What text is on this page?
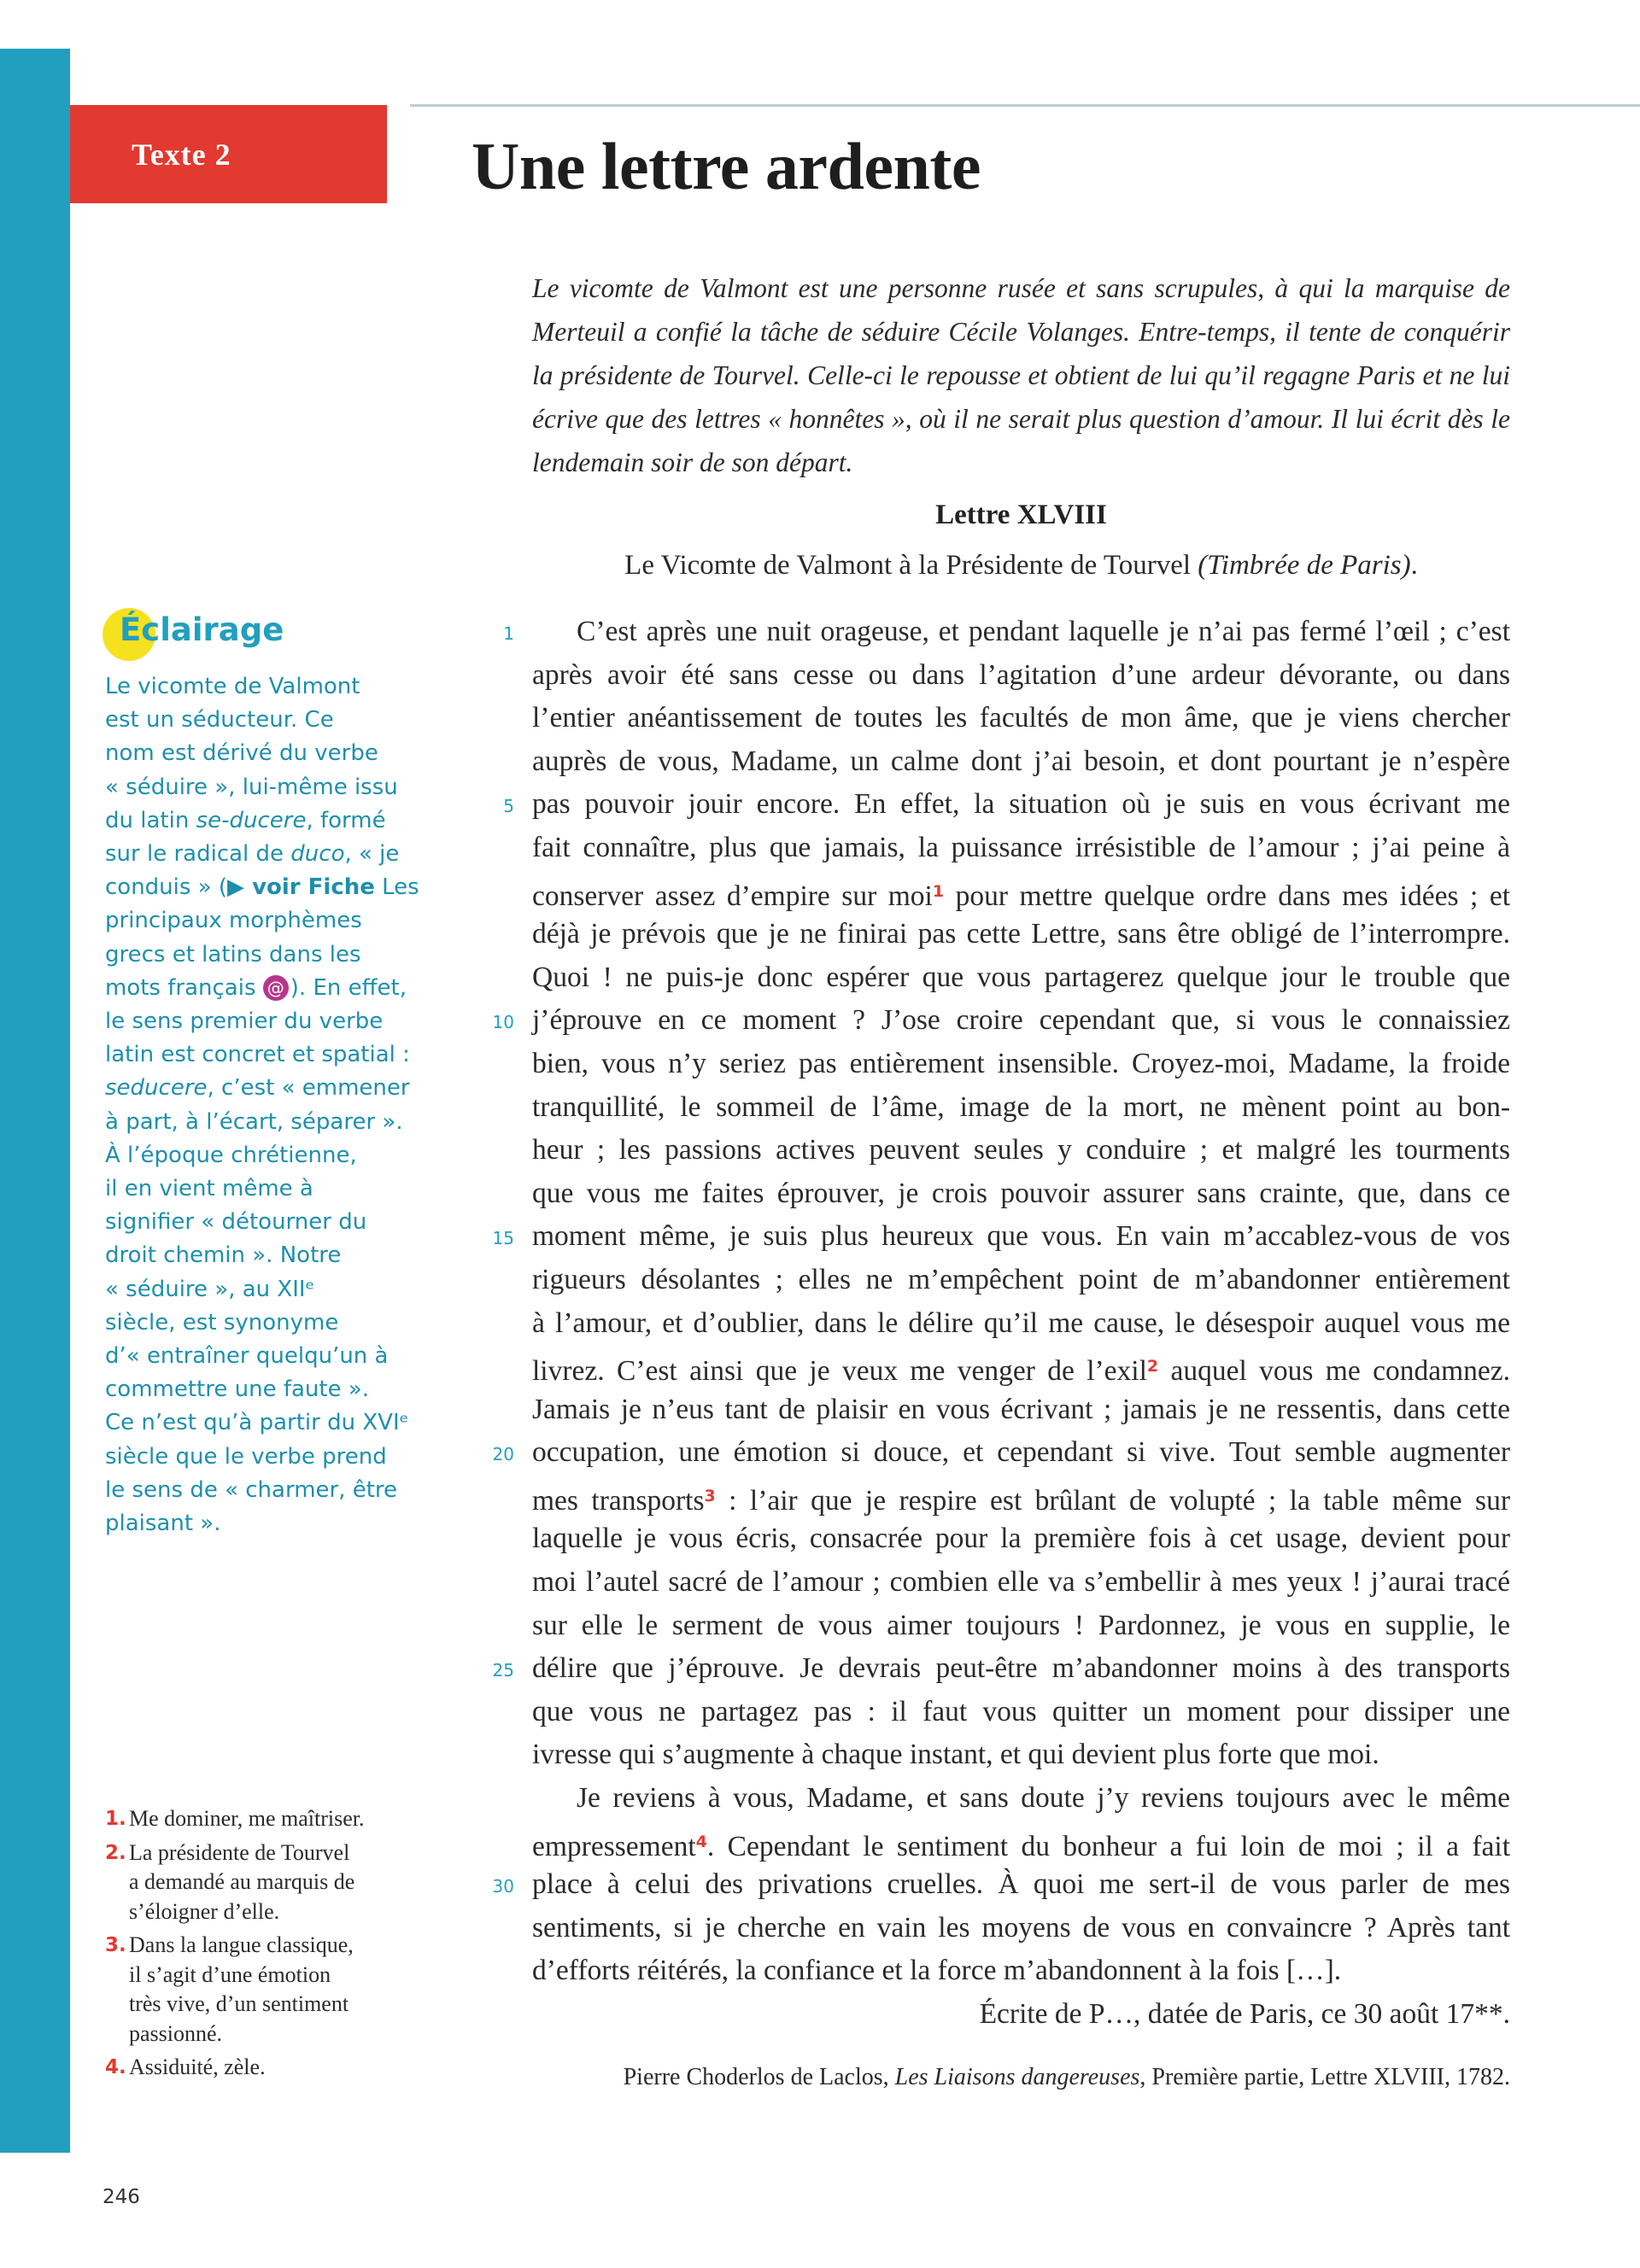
Texte 2	Une lettre ardente
Le vicomte de Valmont est une personne rusée et sans scrupules, à qui la marquise de Merteuil a confié la tâche de séduire Cécile Volanges. Entre-temps, il tente de conquérir la présidente de Tourvel. Celle-ci le repousse et obtient de lui qu’il regagne Paris et ne lui écrive que des lettres « honnêtes », où il ne serait plus question d’amour. Il lui écrit dès le lendemain soir de son départ.
Lettre XLVIII
Le Vicomte de Valmont à la Présidente de Tourvel (Timbrée de Paris).
1
5
10
15
20
25
30
C’est après une nuit orageuse, et pendant laquelle je n’ai pas fermé l’œil ; c’est
après avoir été sans cesse ou dans l’agitation d’une ardeur dévorante, ou dans
l’entier anéantissement de toutes les facultés de mon âme, que je viens chercher
auprès de vous, Madame, un calme dont j’ai besoin, et dont pourtant je n’espère
pas pouvoir jouir encore. En effet, la situation où je suis en vous écrivant me
fait connaître, plus que jamais, la puissance irrésistible de l’amour ; j’ai peine à
conserver assez d’empire sur moi$^1$ pour mettre quelque ordre dans mes idées ; et
déjà je prévois que je ne finirai pas cette Lettre, sans être obligé de l’interrompre.
Quoi ! ne puis-je donc espérer que vous partagerez quelque jour le trouble que
j’éprouve en ce moment ? J’ose croire cependant que, si vous le connaissiez
bien, vous n’y seriez pas entièrement insensible. Croyez-moi, Madame, la froide
tranquillité, le sommeil de l’âme, image de la mort, ne mènent point au bon-
heur ; les passions actives peuvent seules y conduire ; et malgré les tourments
que vous me faites éprouver, je crois pouvoir assurer sans crainte, que, dans ce
moment même, je suis plus heureux que vous. En vain m’accablez-vous de vos
rigueurs désolantes ; elles ne m’empêchent point de m’abandonner entièrement
à l’amour, et d’oublier, dans le délire qu’il me cause, le désespoir auquel vous me
livrez. C’est ainsi que je veux me venger de l’exil$^2$ auquel vous me condamnez.
Jamais je n’eus tant de plaisir en vous écrivant ; jamais je ne ressentis, dans cette
occupation, une émotion si douce, et cependant si vive. Tout semble augmenter
mes transports$^3$ : l’air que je respire est brûlant de volupté ; la table même sur
laquelle je vous écris, consacrée pour la première fois à cet usage, devient pour
moi l’autel sacré de l’amour ; combien elle va s’embellir à mes yeux ! j’aurai tracé
sur elle le serment de vous aimer toujours ! Pardonnez, je vous en supplie, le
délire que j’éprouve. Je devrais peut-être m’abandonner moins à des transports
que vous ne partagez pas : il faut vous quitter un moment pour dissiper une
ivresse qui s’augmente à chaque instant, et qui devient plus forte que moi.
Je reviens à vous, Madame, et sans doute j’y reviens toujours avec le même
empressement$^4$. Cependant le sentiment du bonheur a fui loin de moi ; il a fait
place à celui des privations cruelles. À quoi me sert-il de vous parler de mes
sentiments, si je cherche en vain les moyens de vous en convaincre ? Après tant
d’efforts réitérés, la confiance et la force m’abandonnent à la fois […].
Écrite de P…, datée de Paris, ce 30 août 17**.
Pierre Choderlos de Laclos, Les Liaisons dangereuses, Première partie, Lettre XLVIII, 1782.
Éclairage
Le vicomte de Valmont
est un séducteur. Ce
nom est dérivé du verbe
« séduire », lui-même issu
du latin se-ducere, formé
sur le radical de duco, « je
conduis » (▶ voir Fiche Les
principaux morphèmes
grecs et latins dans les
mots français @ ). En effet,
le sens premier du verbe
latin est concret et spatial :
seducere, c’est « emmener
à part, à l’écart, séparer ».
À l’époque chrétienne,
il en vient même à
signifier « détourner du
droit chemin ». Notre
« séduire », au XIIᵉ
siècle, est synonyme
d’« entraîner quelqu’un à
commettre une faute ».
Ce n’est qu’à partir du XVIᵉ
siècle que le verbe prend
le sens de « charmer, être
plaisant ».
1. Me dominer, me maîtriser.
2. La présidente de Tourvel
a demandé au marquis de
s’éloigner d’elle.
3. Dans la langue classique,
il s’agit d’une émotion
très vive, d’un sentiment
passionné.
4. Assiduité, zèle.
246
